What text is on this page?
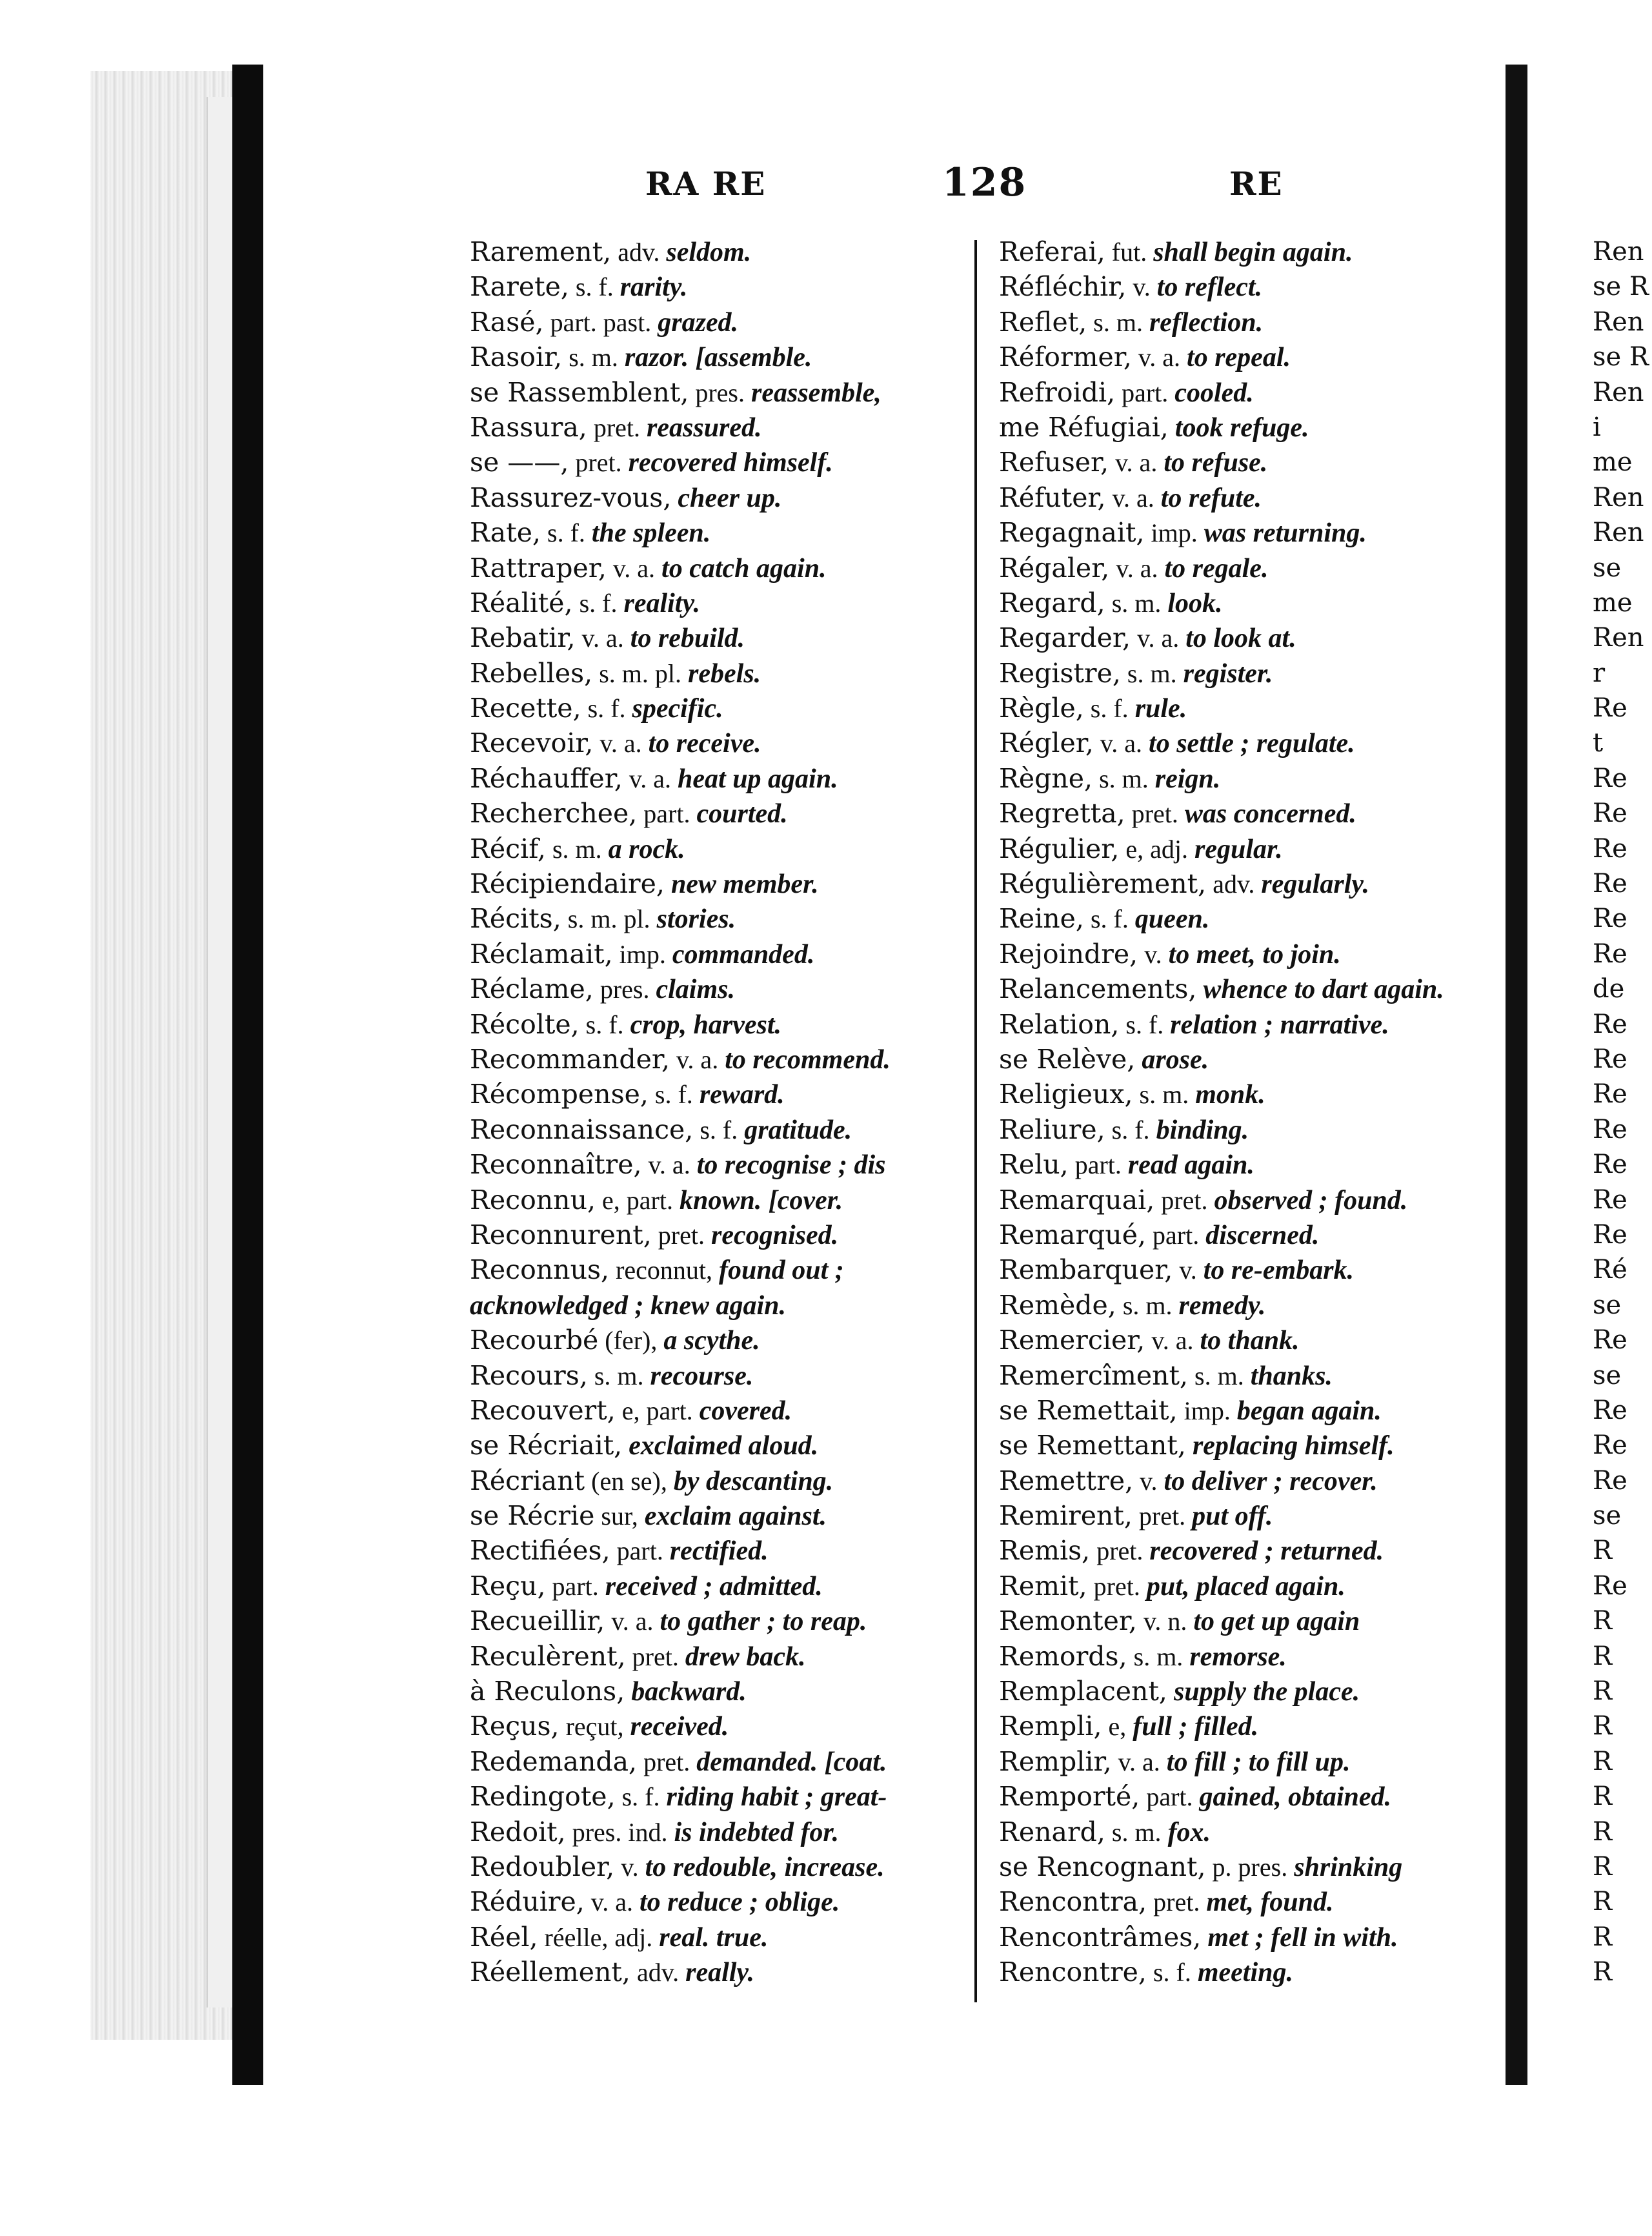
RA RE	128	RE
Rarement, adv. seldom.
Rarete, s. f. rarity.
Rasé, part. past. grazed.
Rasoir, s. m. razor. [assemble.
se Rassemblent, pres. reassemble,
Rassura, pret. reassured.
se ——, pret. recovered himself.
Rassurez-vous, cheer up.
Rate, s. f. the spleen.
Rattraper, v. a. to catch again.
Réalité, s. f. reality.
Rebatir, v. a. to rebuild.
Rebelles, s. m. pl. rebels.
Recette, s. f. specific.
Recevoir, v. a. to receive.
Réchauffer, v. a. heat up again.
Recherchee, part. courted.
Récif, s. m. a rock.
Récipiendaire, new member.
Récits, s. m. pl. stories.
Réclamait, imp. commanded.
Réclame, pres. claims.
Récolte, s. f. crop, harvest.
Recommander, v. a. to recommend.
Récompense, s. f. reward.
Reconnaissance, s. f. gratitude.
Reconnaître, v. a. to recognise ; dis
Reconnu, e, part. known. [cover.
Reconnurent, pret. recognised.
Reconnus, reconnut, found out ;
acknowledged ; knew again.
Recourbé (fer), a scythe.
Recours, s. m. recourse.
Recouvert, e, part. covered.
se Récriait, exclaimed aloud.
Récriant (en se), by descanting.
se Récrie sur, exclaim against.
Rectifiées, part. rectified.
Reçu, part. received ; admitted.
Recueillir, v. a. to gather ; to reap.
Reculèrent, pret. drew back.
à Reculons, backward.
Reçus, reçut, received.
Redemanda, pret. demanded. [coat.
Redingote, s. f. riding habit ; great-
Redoit, pres. ind. is indebted for.
Redoubler, v. to redouble, increase.
Réduire, v. a. to reduce ; oblige.
Réel, réelle, adj. real. true.
Réellement, adv. really.
Referai, fut. shall begin again.
Réfléchir, v. to reflect.
Reflet, s. m. reflection.
Réformer, v. a. to repeal.
Refroidi, part. cooled.
me Réfugiai, took refuge.
Refuser, v. a. to refuse.
Réfuter, v. a. to refute.
Regagnait, imp. was returning.
Régaler, v. a. to regale.
Regard, s. m. look.
Regarder, v. a. to look at.
Registre, s. m. register.
Règle, s. f. rule.
Régler, v. a. to settle ; regulate.
Règne, s. m. reign.
Regretta, pret. was concerned.
Régulier, e, adj. regular.
Régulièrement, adv. regularly.
Reine, s. f. queen.
Rejoindre, v. to meet, to join.
Relancements, whence to dart again.
Relation, s. f. relation ; narrative.
se Relève, arose.
Religieux, s. m. monk.
Reliure, s. f. binding.
Relu, part. read again.
Remarquai, pret. observed ; found.
Remarqué, part. discerned.
Rembarquer, v. to re-embark.
Remède, s. m. remedy.
Remercier, v. a. to thank.
Remercîment, s. m. thanks.
se Remettait, imp. began again.
se Remettant, replacing himself.
Remettre, v. to deliver ; recover.
Remirent, pret. put off.
Remis, pret. recovered ; returned.
Remit, pret. put, placed again.
Remonter, v. n. to get up again
Remords, s. m. remorse.
Remplacent, supply the place.
Rempli, e, full ; filled.
Remplir, v. a. to fill ; to fill up.
Remporté, part. gained, obtained.
Renard, s. m. fox.
se Rencognant, p. pres. shrinking
Rencontra, pret. met, found.
Rencontrâmes, met ; fell in with.
Rencontre, s. f. meeting.
Ren
se R
Ren
se R
Ren
i
me
Ren
Ren
se
me
Ren
r
Re
t
Re
Re
Re
Re
Re
Re
de
Re
Re
Re
Re
Re
Re
Re
Ré
se
Re
se
Re
Re
Re
se
R
Re
R
R
R
R
R
R
R
R
R
R
R
